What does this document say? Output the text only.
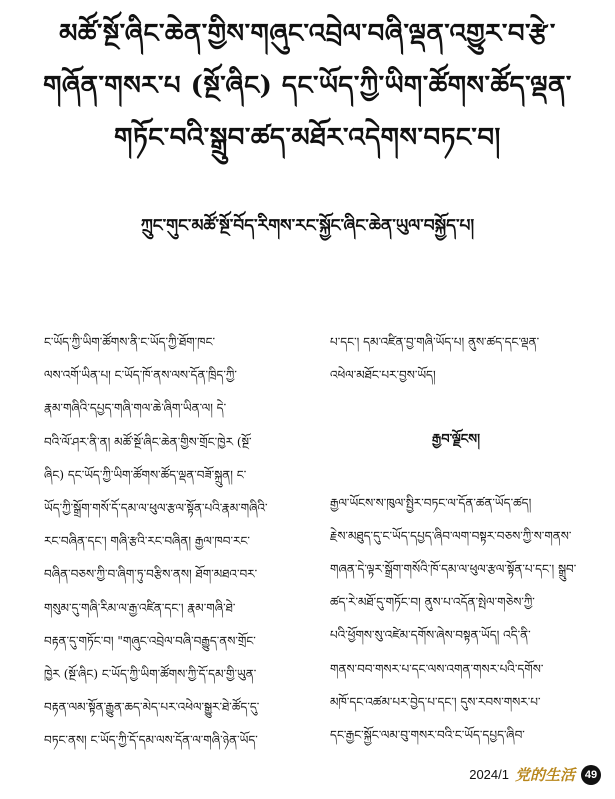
མཚོ་སྔོ་ཞིང་ཆེན་གྱིས་གཞུང་འབྲེལ་བཞི་ལྡན་འགྱུར་བ་རྩེ་
གཞོན་གསར་པ (སྔོ་ཞིང) དང་ཡོད་ཀྱི་ཡིག་ཚོགས་ཚོད་ལྡན་
གཏོང་བའི་སྒྲུབ་ཚད་མཐོར་འདེགས་བཏང་བ།
ཀྲུང་གུང་མཚོ་སྔོ་བོད་རིགས་རང་སྐྱོང་ཞིང་ཆེན་ཡུལ་བསྐྱོད་པ།

ང་ཡོད་ཀྱི་ཡིག་ཚོགས་ནི་ང་ཡོད་ཀྱི་ཐོག་ཁང་

ལས་འགོ་ཡིན་པ། ང་ཡོད་ཁོ་ནས་ལས་དོན་ཁྲིད་ཀྱི་

རྣམ་གཞིའི་དཔྱད་གཞི་གལ་ཆེ་ཞིག་ཡིན་ལ། དེ་

བའི་ལོ་ཤར་ནི་ན། མཚོ་སྔོ་ཞིང་ཆེན་གྱིས་གྲོང་ཁྱེར (སྔོ་

ཞིང) དང་ཡོད་ཀྱི་ཡིག་ཚོགས་ཚོད་ལྡན་བཟོ་སྐྲུན། ང་

ཡོད་ཀྱི་སྒྲོག་གསོ་དོ་དམ་ལ་ཕུལ་རྩལ་སྟོན་པའི་རྣམ་གཞིའི་

རང་བཞིན་དང་། གཞི་རྩའི་རང་བཞིན། རྒྱལ་ཁབ་རང་

བཞིན་བཅས་ཀྱི་བ་ཞིག་ཏུ་བརྩིས་ནས། ཐོག་མཐའ་བར་

གསུམ་དུ་གཞི་རིམ་ལ་རྒྱ་འཛིན་དང་། རྣམ་གཞི་ཐེ་

བརྟན་དུ་གཏོང་བ། "གཞུང་འབྲེལ་བཞི་བརྒྱུད་ནས་གྲོང་

ཁྱེར (སྔོ་ཞིང) ང་ཡོད་ཀྱི་ཡིག་ཚོགས་ཀྱི་དོ་དམ་གྱི་ཡུན་

བརྟན་ལམ་སྟོན་རྒྱུན་ཆད་མེད་པར་འཕེལ་སྒྱུར་ཐེ་ཚོད་དུ་

བཏང་ནས། ང་ཡོད་ཀྱི་དོ་དམ་ལས་དོན་ལ་གཞི་ཉེན་ཡོད་

པ་དང་། དམ་འཛིན་བྱ་གཞི་ཡོད་པ། ནུས་ཚད་དང་ལྡན་

འཕེལ་མཐོང་པར་བྱས་ཡོད།

རྒྱབ་ལྗོངས།

རྒྱལ་ཡོངས་ས་ཁུལ་སྤྱིར་བཏང་ལ་དོན་ཚན་ཡོད་ཚད།

རྗེས་མཐུད་དུ་ང་ཡོད་དཔྱད་ཞིབ་ལག་བསྟར་བཅས་ཀྱི་ས་གནས་

གཞན་དེ་ལྟར་སྒྲོག་གསོའི་ཁོ་དམ་ལ་ཕུལ་རྩལ་སྟོན་པ་དང་། སྒྲུབ་

ཚད་རེ་མཐོ་དུ་གཏོང་བ། ནུས་པ་འདོན་སྤེལ་གཅེས་ཀྱི་

པའི་ཕྱོགས་སུ་འཛེམ་དགོས་ཞེས་བསྟན་ཡོད། འདི་ནི་

གནས་བབ་གསར་པ་དང་ལས་འགན་གསར་པའི་དགོས་

མཁོ་དང་འཚམ་པར་བྱེད་པ་དང་། དུས་རབས་གསར་པ་

དང་རྒྱང་སྐྱོང་ལམ་བུ་གསར་བའི་ང་ཡོད་དཔྱད་ཞིབ་

2024/1 党的生活 49
